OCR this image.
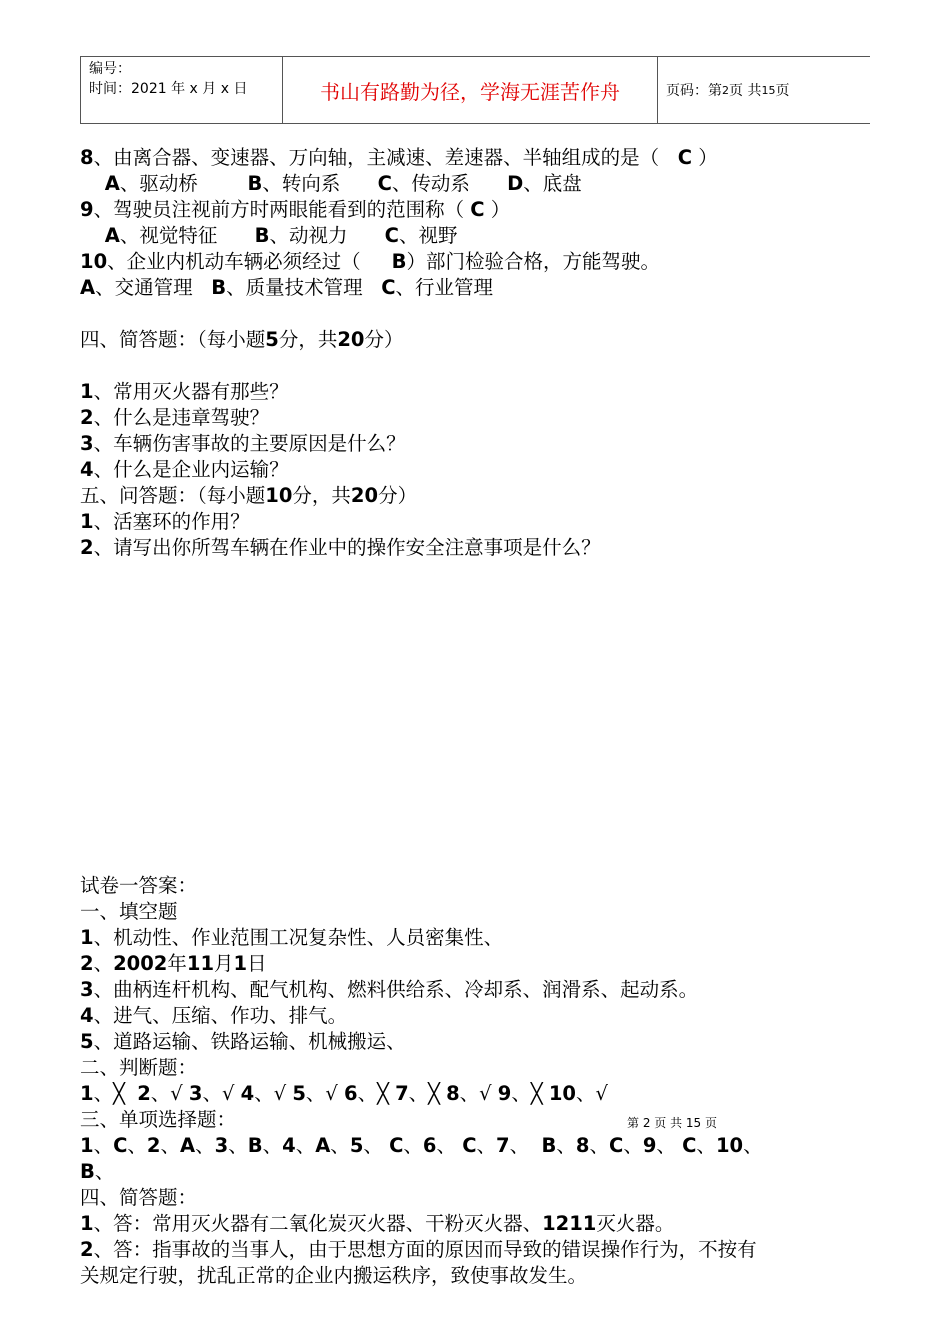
编号：
时间：2021 年 x 月 x 日	书山有路勤为径，学海无涯苦作舟	页码：第 2 页 共 15 页
8、由离合器、变速器、万向轴，主减速、差速器、半轴组成的是（   C ）
A、驱动桥        B、转向系      C、传动系      D、底盘
9、驾驶员注视前方时两眼能看到的范围称（ C ）
A、视觉特征      B、动视力      C、视野
10、企业内机动车辆必须经过（     B）部门检验合格，方能驾驶。
A、交通管理   B、质量技术管理   C、行业管理
四、简答题：（每小题5分，共20分）
1、常用灭火器有那些？
2、什么是违章驾驶？
3、车辆伤害事故的主要原因是什么？
4、什么是企业内运输？
五、问答题：（每小题10分，共20分）
1、活塞环的作用？
2、请写出你所驾车辆在作业中的操作安全注意事项是什么？
试卷一答案：
一、填空题
1、机动性、作业范围工况复杂性、人员密集性、
2、2002年11月1日
3、曲柄连杆机构、配气机构、燃料供给系、冷却系、润滑系、起动系。
4、进气、压缩、作功、排气。
5、道路运输、铁路运输、机械搬运、
二、判断题：
1、╳  2、√ 3、√ 4、√ 5、√ 6、╳ 7、╳ 8、√ 9、╳ 10、√
三、单项选择题：
1、C、2、A、3、B、4、A、5、 C、6、 C、7、  B、8、C、9、 C、10、
B、
四、简答题：
1、答：常用灭火器有二氧化炭灭火器、干粉灭火器、1211灭火器。
2、答：指事故的当事人，由于思想方面的原因而导致的错误操作行为，不按有
关规定行驶，扰乱正常的企业内搬运秩序，致使事故发生。
第 2 页 共 15 页
